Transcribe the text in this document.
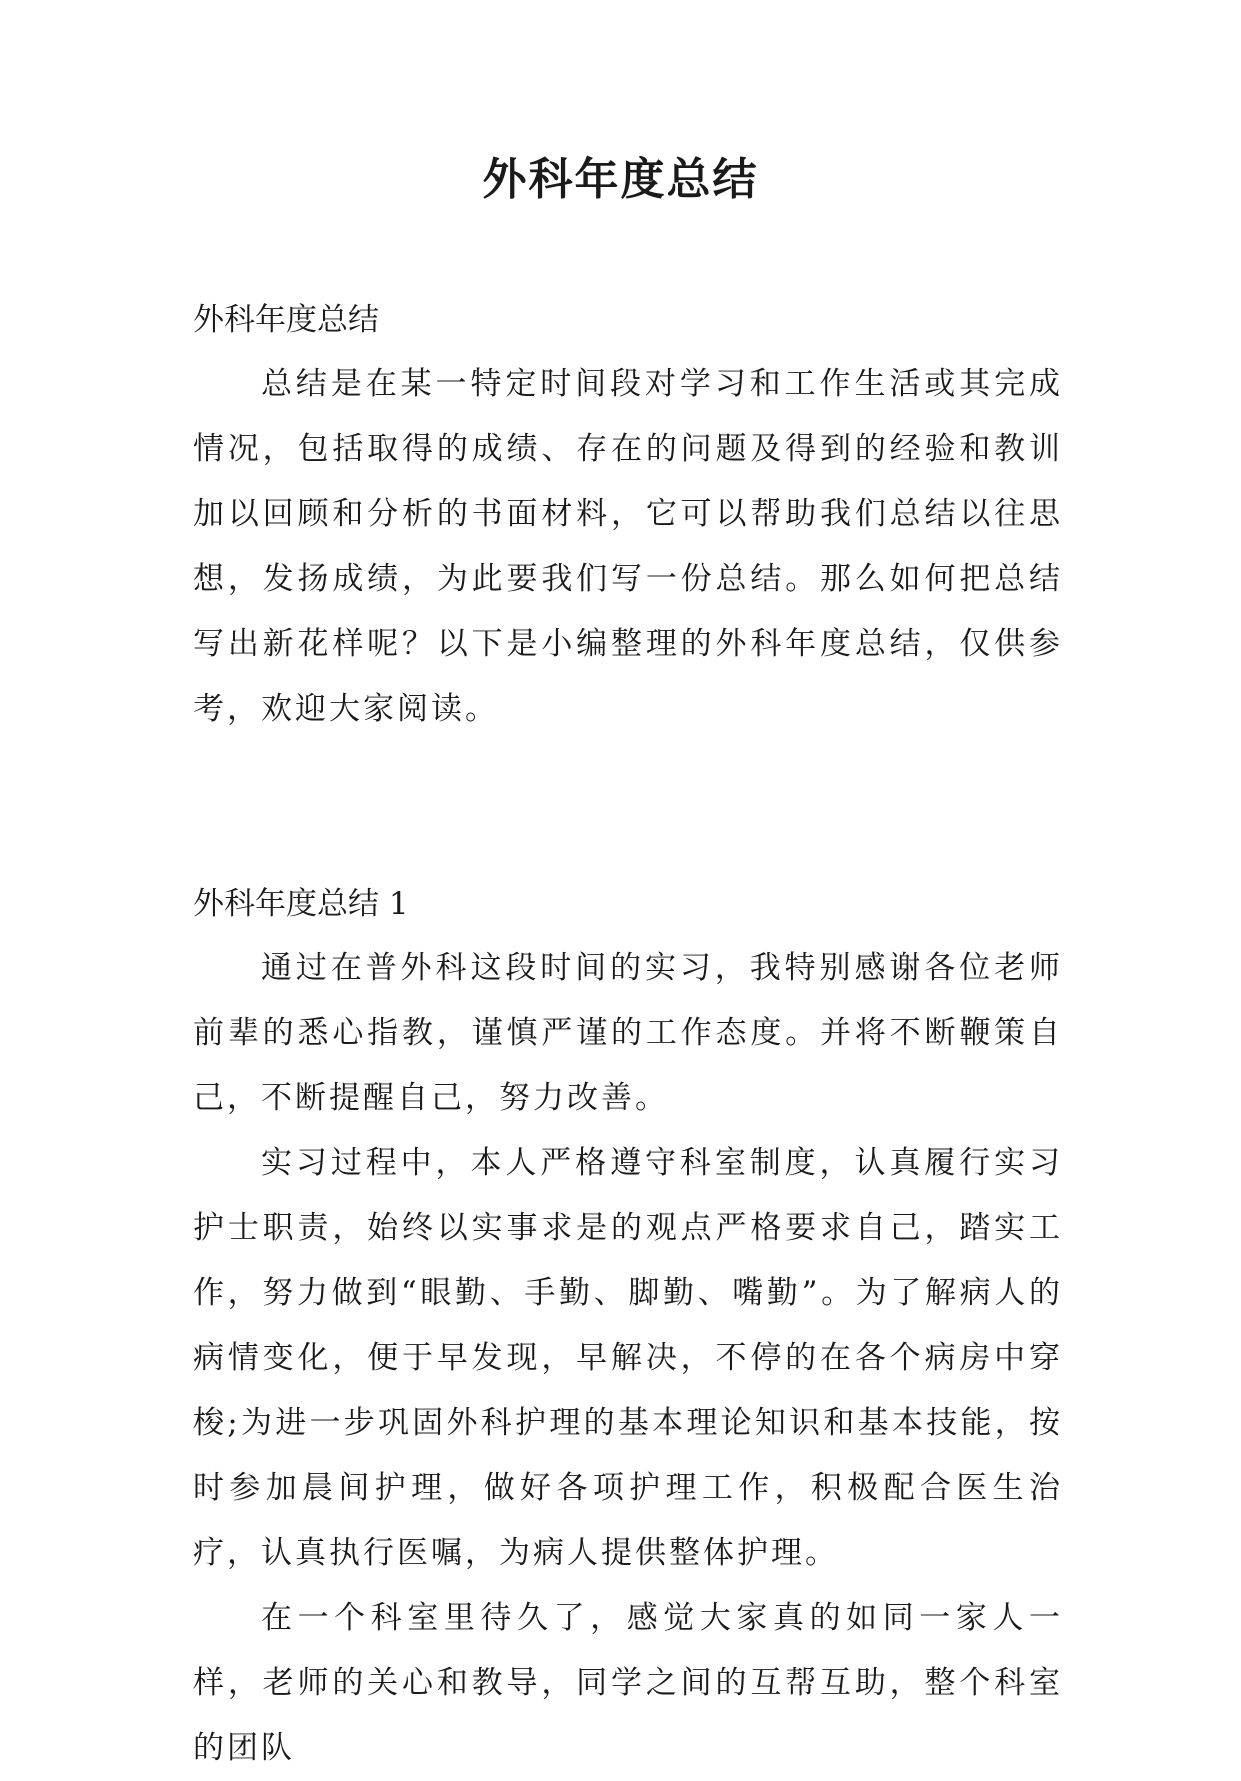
外科年度总结

外科年度总结

总结是在某一特定时间段对学习和工作生活或其完成情况，包括取得的成绩、存在的问题及得到的经验和教训加以回顾和分析的书面材料，它可以帮助我们总结以往思想，发扬成绩，为此要我们写一份总结。那么如何把总结写出新花样呢？以下是小编整理的外科年度总结，仅供参考，欢迎大家阅读。

外科年度总结 1

通过在普外科这段时间的实习，我特别感谢各位老师前辈的悉心指教，谨慎严谨的工作态度。并将不断鞭策自己，不断提醒自己，努力改善。

实习过程中，本人严格遵守科室制度，认真履行实习护士职责，始终以实事求是的观点严格要求自己，踏实工作，努力做到“眼勤、手勤、脚勤、嘴勤”。为了解病人的病情变化，便于早发现，早解决，不停的在各个病房中穿梭;为进一步巩固外科护理的基本理论知识和基本技能，按时参加晨间护理，做好各项护理工作，积极配合医生治疗，认真执行医嘱，为病人提供整体护理。

在一个科室里待久了，感觉大家真的如同一家人一样，老师的关心和教导，同学之间的互帮互助，整个科室的团队
